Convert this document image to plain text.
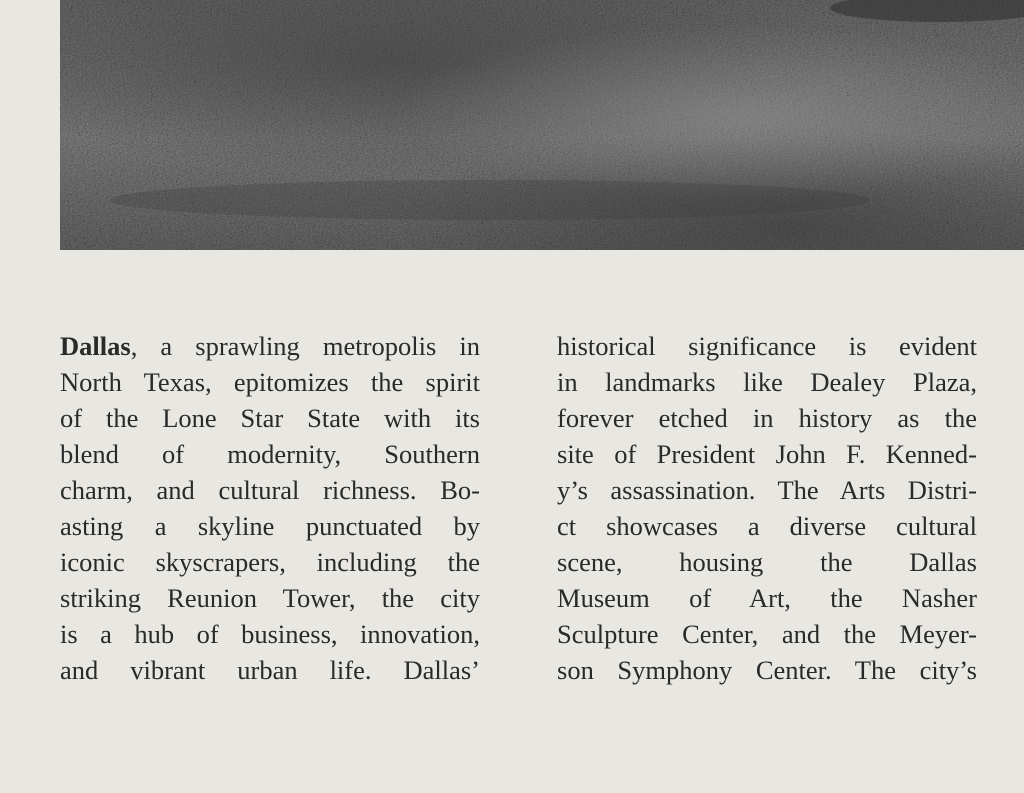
Dallas, a sprawling metropolis in
North Texas, epitomizes the spirit
of the Lone Star State with its
blend of modernity, Southern
charm, and cultural richness. Bo-
asting a skyline punctuated by
iconic skyscrapers, including the
striking Reunion Tower, the city
is a hub of business, innovation,
and vibrant urban life. Dallas’
historical significance is evident
in landmarks like Dealey Plaza,
forever etched in history as the
site of President John F. Kenned-
y’s assassination. The Arts Distri-
ct showcases a diverse cultural
scene, housing the Dallas
Museum of Art, the Nasher
Sculpture Center, and the Meyer-
son Symphony Center. The city’s
